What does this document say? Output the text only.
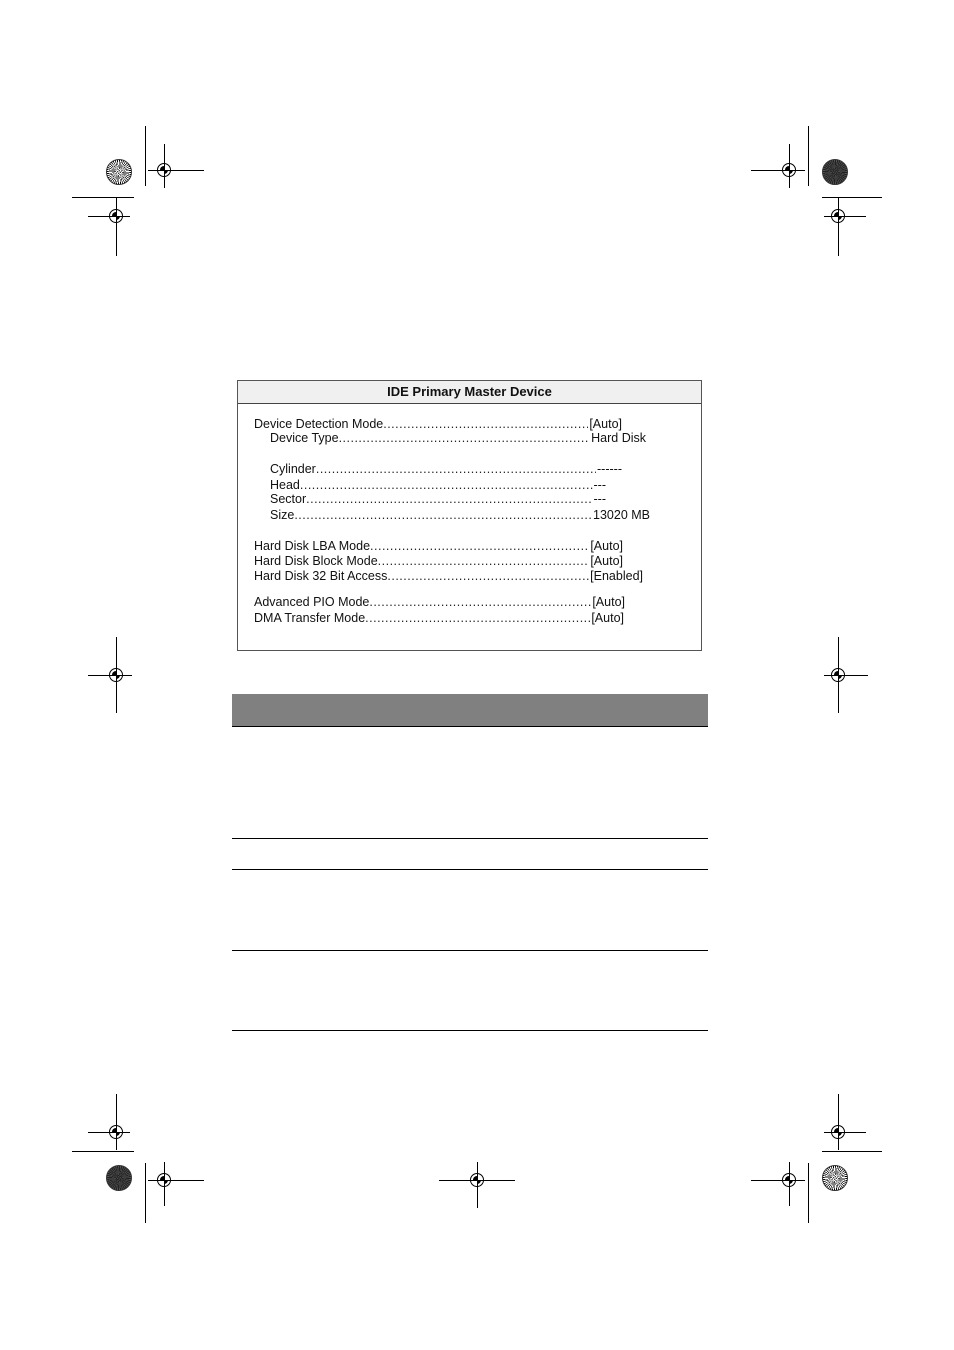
IDE Primary Master Device
Device Detection Mode .....	[Auto]
Device Type .....	Hard Disk
Cylinder .....	------
Head .....	---
Sector .....	---
Size .....	13020 MB
Hard Disk LBA Mode .....	[Auto]
Hard Disk Block Mode .....	[Auto]
Hard Disk 32 Bit Access .....	[Enabled]
Advanced PIO Mode .....	[Auto]
DMA Transfer Mode .....	[Auto]
